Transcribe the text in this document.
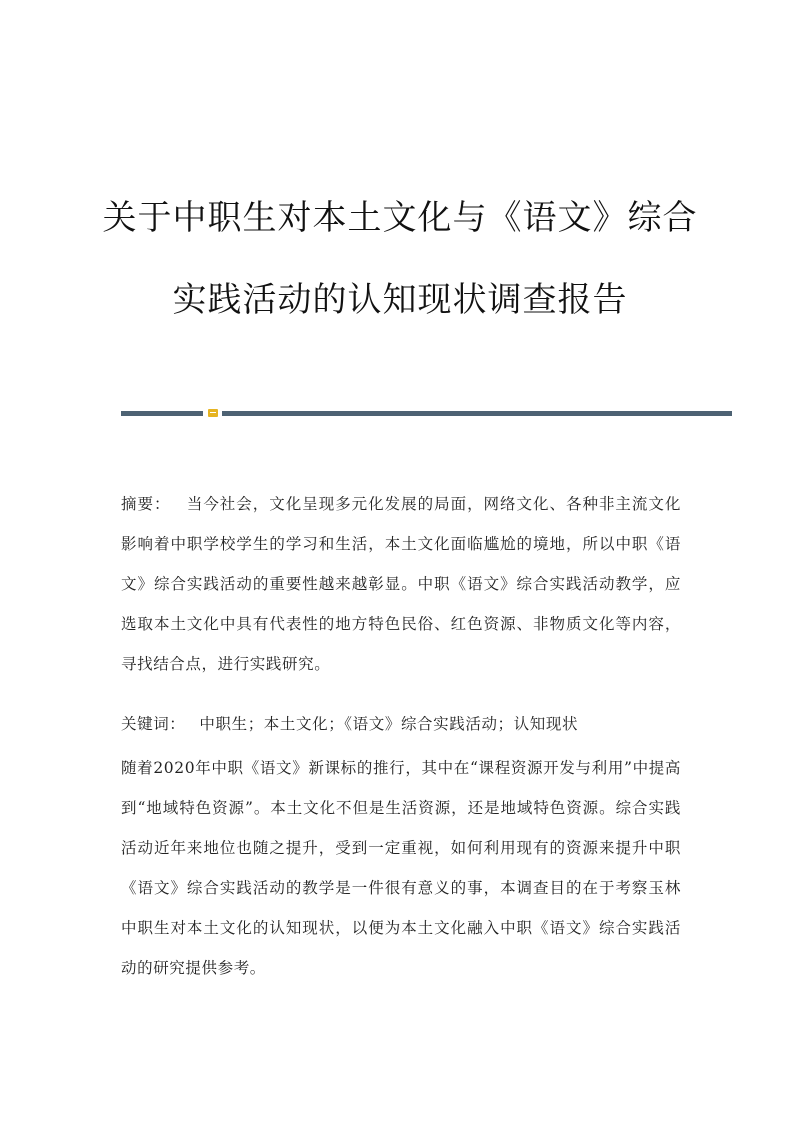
关于中职生对本土文化与《语文》综合
实践活动的认知现状调查报告

摘要： 当今社会，文化呈现多元化发展的局面，网络文化、各种非主流文化影响着中职学校学生的学习和生活，本土文化面临尴尬的境地，所以中职《语文》综合实践活动的重要性越来越彰显。中职《语文》综合实践活动教学，应选取本土文化中具有代表性的地方特色民俗、红色资源、非物质文化等内容，寻找结合点，进行实践研究。

关键词： 中职生；本土文化；《语文》综合实践活动；认知现状

随着2020年中职《语文》新课标的推行，其中在“课程资源开发与利用”中提高到“地域特色资源”。本土文化不但是生活资源，还是地域特色资源。综合实践活动近年来地位也随之提升，受到一定重视，如何利用现有的资源来提升中职《语文》综合实践活动的教学是一件很有意义的事，本调查目的在于考察玉林中职生对本土文化的认知现状，以便为本土文化融入中职《语文》综合实践活动的研究提供参考。
